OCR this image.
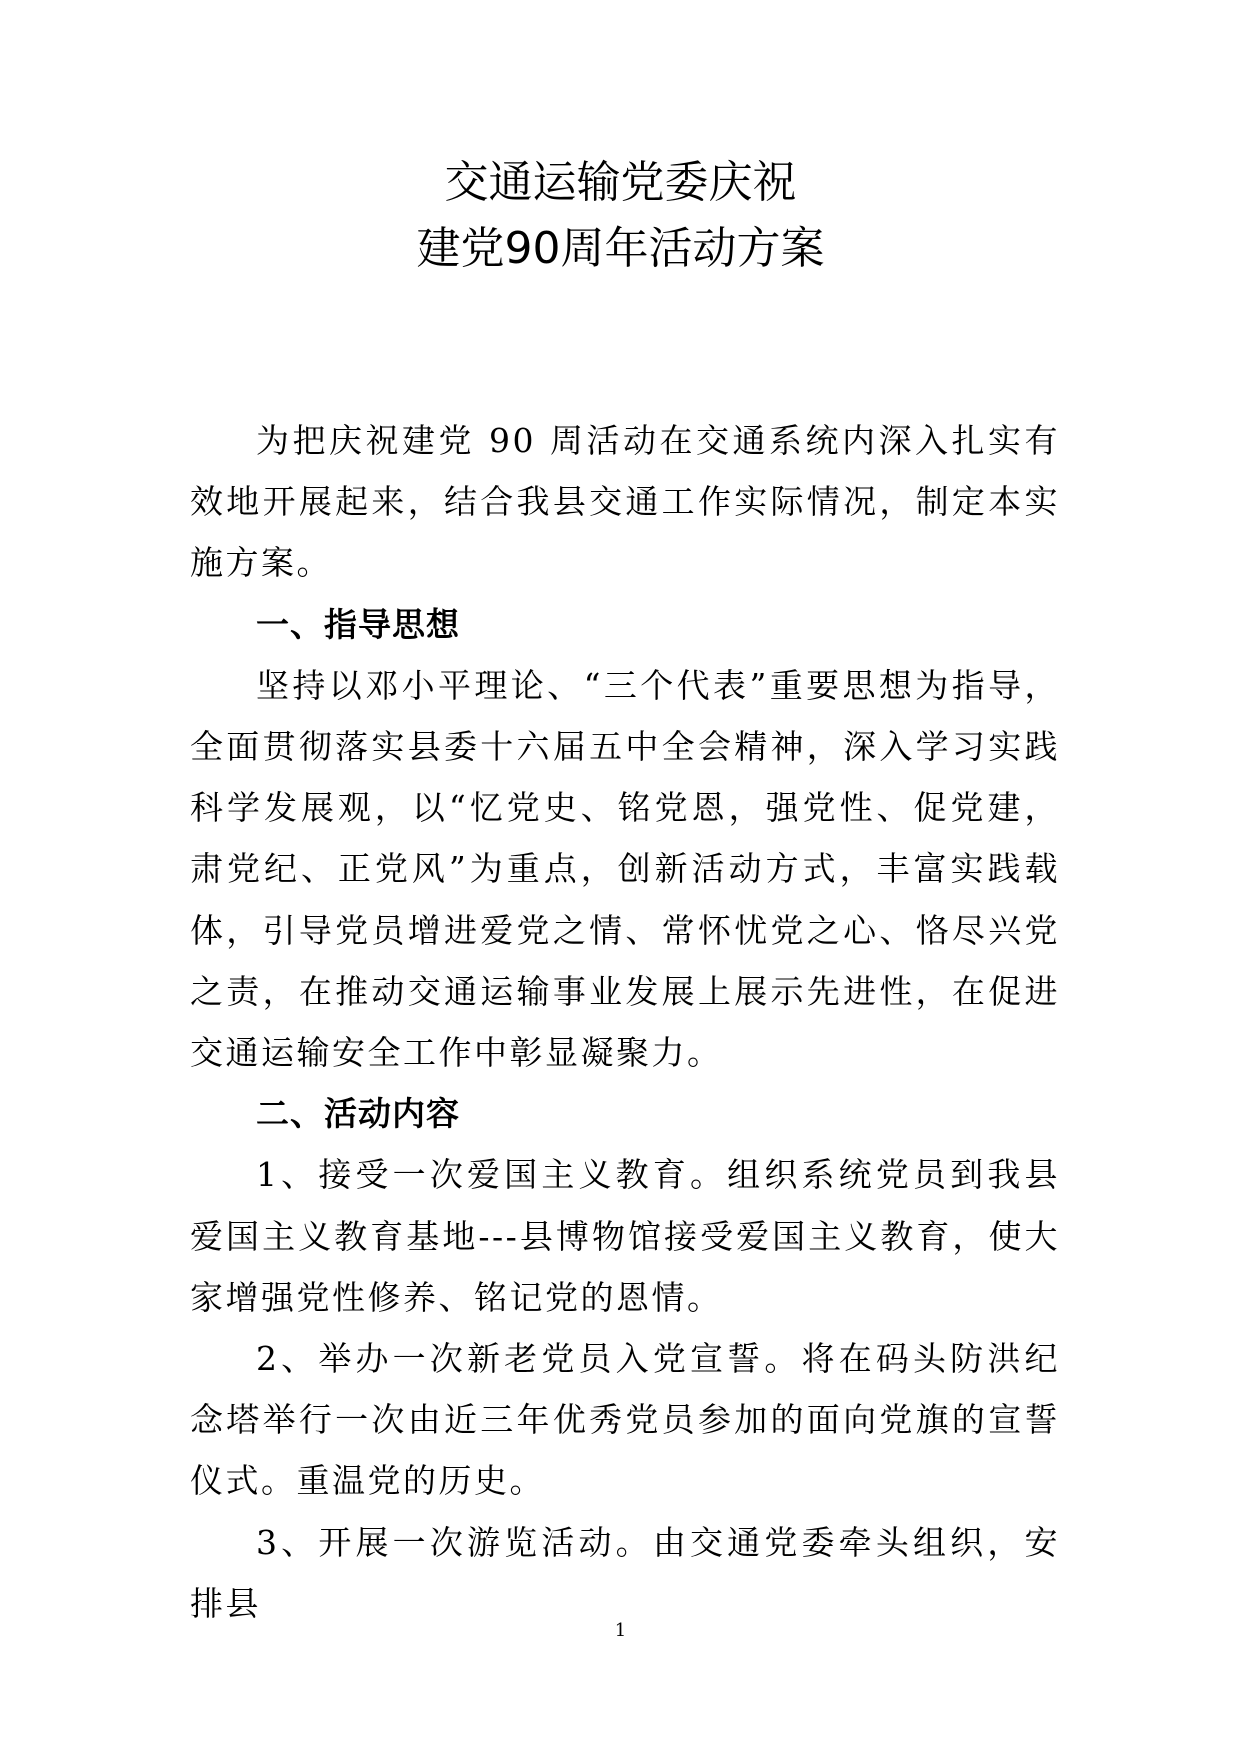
交通运输党委庆祝
建党90周年活动方案

为把庆祝建党 90 周活动在交通系统内深入扎实有效地开展起来，结合我县交通工作实际情况，制定本实施方案。

一、指导思想

坚持以邓小平理论、“三个代表”重要思想为指导，全面贯彻落实县委十六届五中全会精神，深入学习实践科学发展观，以“忆党史、铭党恩，强党性、促党建，肃党纪、正党风”为重点，创新活动方式，丰富实践载体，引导党员增进爱党之情、常怀忧党之心、恪尽兴党之责，在推动交通运输事业发展上展示先进性，在促进交通运输安全工作中彰显凝聚力。

二、活动内容

1、接受一次爱国主义教育。组织系统党员到我县爱国主义教育基地---县博物馆接受爱国主义教育，使大家增强党性修养、铭记党的恩情。

2、举办一次新老党员入党宣誓。将在码头防洪纪念塔举行一次由近三年优秀党员参加的面向党旗的宣誓仪式。重温党的历史。

3、开展一次游览活动。由交通党委牵头组织，安排县

1
